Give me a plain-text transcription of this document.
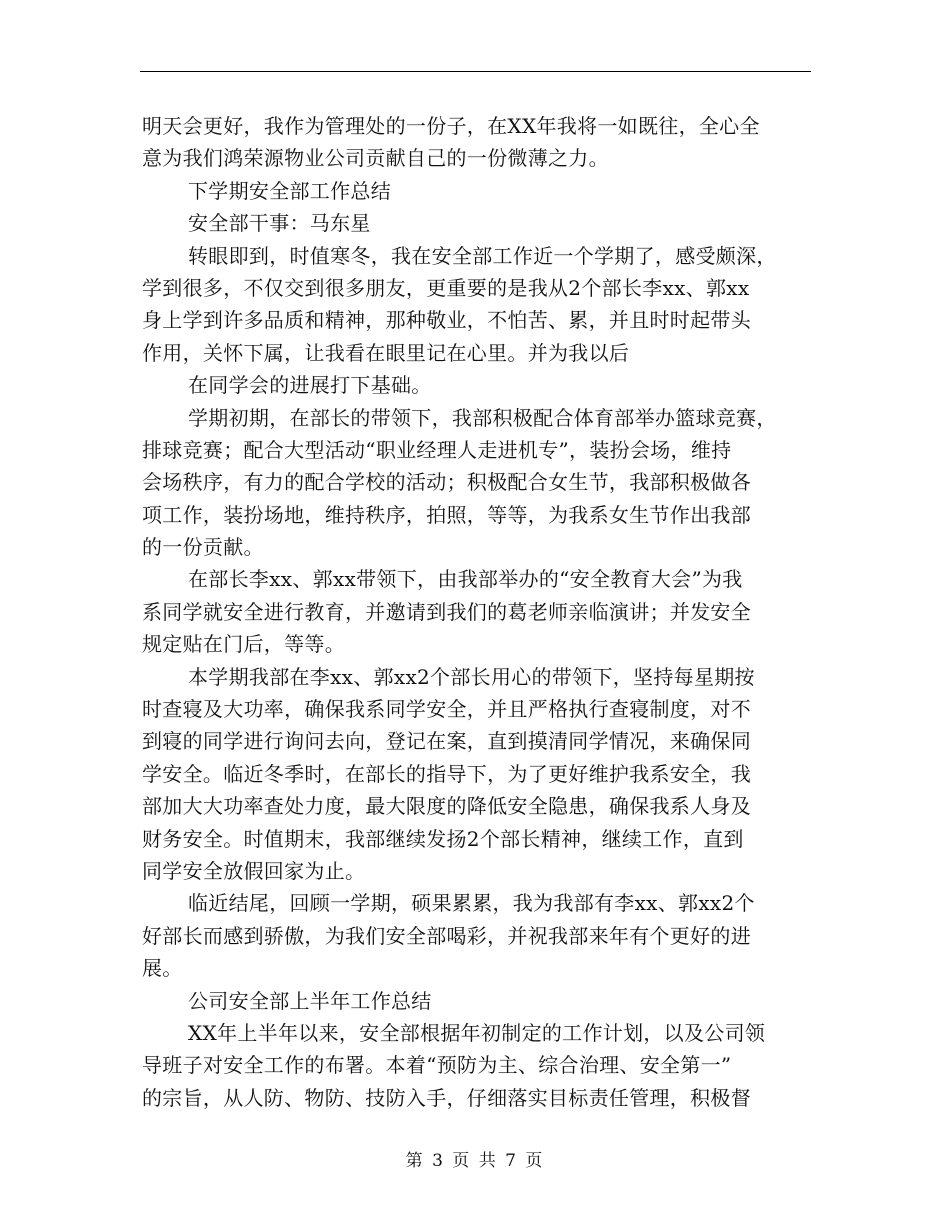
明天会更好，我作为管理处的一份子，在XX年我将一如既往，全心全
意为我们鸿荣源物业公司贡献自己的一份微薄之力。
下学期安全部工作总结
安全部干事：马东星
转眼即到，时值寒冬，我在安全部工作近一个学期了，感受颇深，
学到很多，不仅交到很多朋友，更重要的是我从2个部长李xx、郭xx
身上学到许多品质和精神，那种敬业，不怕苦、累，并且时时起带头
作用，关怀下属，让我看在眼里记在心里。并为我以后
在同学会的进展打下基础。
学期初期，在部长的带领下，我部积极配合体育部举办篮球竞赛，
排球竞赛；配合大型活动“职业经理人走进机专”，装扮会场，维持
会场秩序，有力的配合学校的活动；积极配合女生节，我部积极做各
项工作，装扮场地，维持秩序，拍照，等等，为我系女生节作出我部
的一份贡献。
在部长李xx、郭xx带领下，由我部举办的“安全教育大会”为我
系同学就安全进行教育，并邀请到我们的葛老师亲临演讲；并发安全
规定贴在门后，等等。
本学期我部在李xx、郭xx2个部长用心的带领下，坚持每星期按
时查寝及大功率，确保我系同学安全，并且严格执行查寝制度，对不
到寝的同学进行询问去向，登记在案，直到摸清同学情况，来确保同
学安全。临近冬季时，在部长的指导下，为了更好维护我系安全，我
部加大大功率查处力度，最大限度的降低安全隐患，确保我系人身及
财务安全。时值期末，我部继续发扬2个部长精神，继续工作，直到
同学安全放假回家为止。
临近结尾，回顾一学期，硕果累累，我为我部有李xx、郭xx2个
好部长而感到骄傲，为我们安全部喝彩，并祝我部来年有个更好的进
展。
公司安全部上半年工作总结
XX年上半年以来，安全部根据年初制定的工作计划，以及公司领
导班子对安全工作的布署。本着“预防为主、综合治理、安全第一”
的宗旨，从人防、物防、技防入手，仔细落实目标责任管理，积极督
第 3 页 共 7 页
